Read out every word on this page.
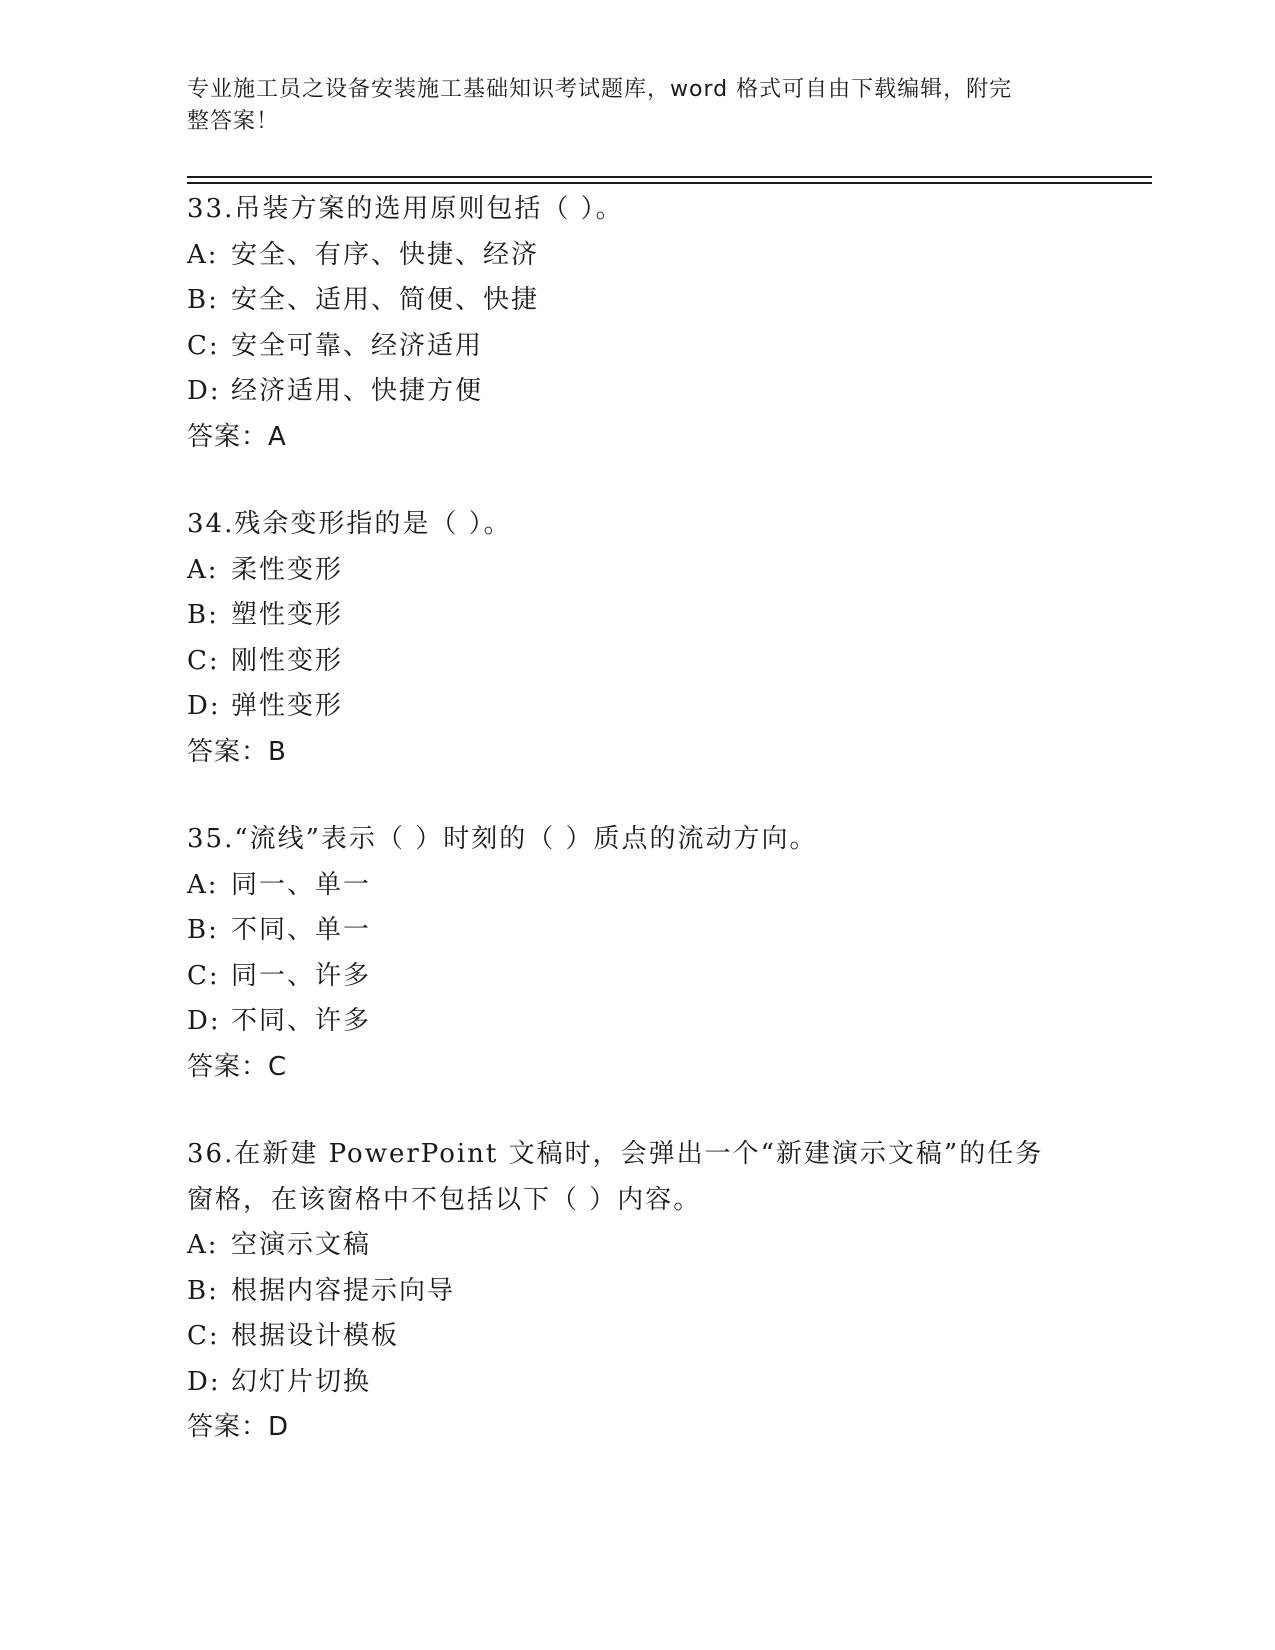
专业施工员之设备安装施工基础知识考试题库，word 格式可自由下载编辑，附完
整答案！
33.吊装方案的选用原则包括（ ）。
A: 安全、有序、快捷、经济
B: 安全、适用、简便、快捷
C: 安全可靠、经济适用
D: 经济适用、快捷方便
答案：A
34.残余变形指的是（ ）。
A: 柔性变形
B: 塑性变形
C: 刚性变形
D: 弹性变形
答案：B
35.“流线”表示（ ）时刻的（ ）质点的流动方向。
A: 同一、单一
B: 不同、单一
C: 同一、许多
D: 不同、许多
答案：C
36.在新建 PowerPoint 文稿时，会弹出一个“新建演示文稿”的任务
窗格，在该窗格中不包括以下（ ）内容。
A: 空演示文稿
B: 根据内容提示向导
C: 根据设计模板
D: 幻灯片切换
答案：D
